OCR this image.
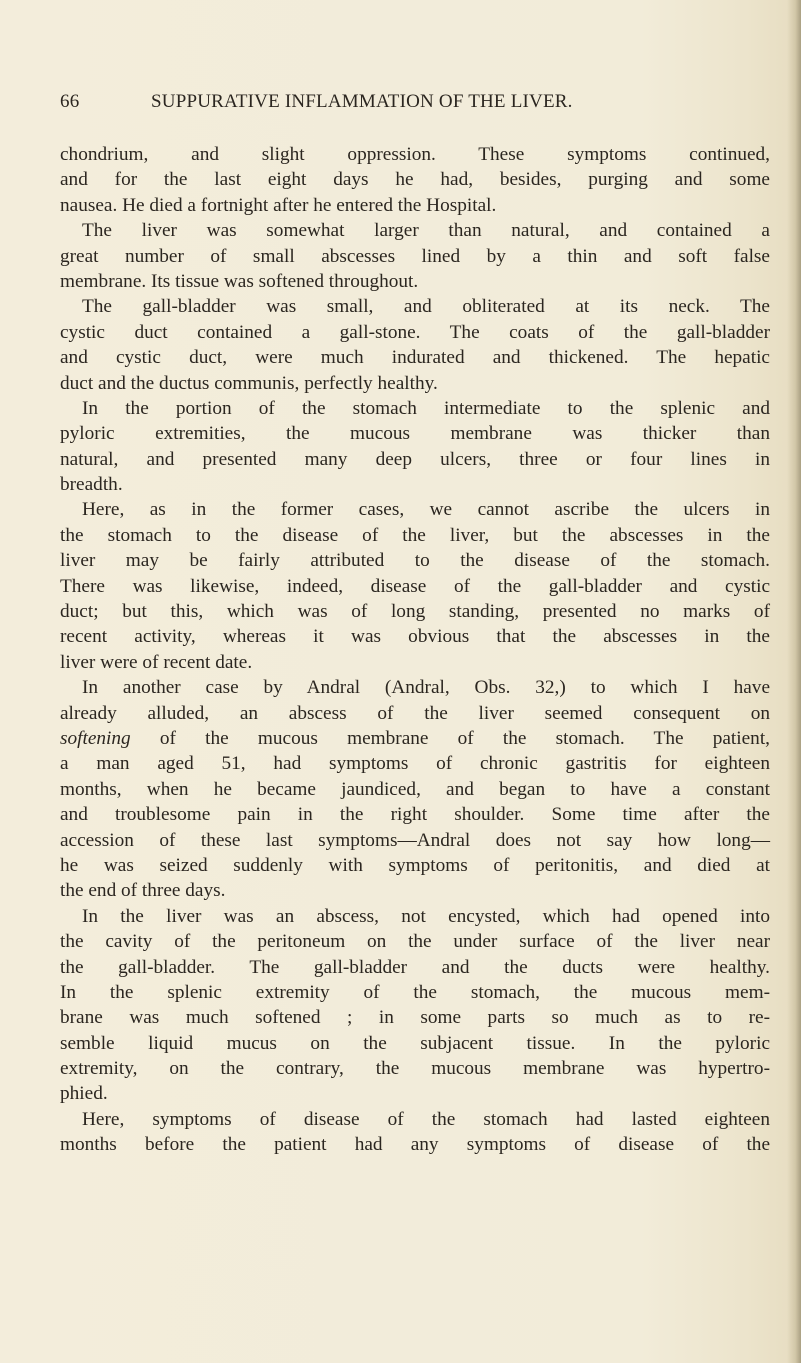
66	SUPPURATIVE INFLAMMATION OF THE LIVER.
chondrium, and slight oppression. These symptoms continued,
and for the last eight days he had, besides, purging and some
nausea. He died a fortnight after he entered the Hospital.
The liver was somewhat larger than natural, and contained a
great number of small abscesses lined by a thin and soft false
membrane. Its tissue was softened throughout.
The gall-bladder was small, and obliterated at its neck. The
cystic duct contained a gall-stone. The coats of the gall-bladder
and cystic duct, were much indurated and thickened. The hepatic
duct and the ductus communis, perfectly healthy.
In the portion of the stomach intermediate to the splenic and
pyloric extremities, the mucous membrane was thicker than
natural, and presented many deep ulcers, three or four lines in
breadth.
Here, as in the former cases, we cannot ascribe the ulcers in
the stomach to the disease of the liver, but the abscesses in the
liver may be fairly attributed to the disease of the stomach.
There was likewise, indeed, disease of the gall-bladder and cystic
duct; but this, which was of long standing, presented no marks of
recent activity, whereas it was obvious that the abscesses in the
liver were of recent date.
In another case by Andral (Andral, Obs. 32,) to which I have
already alluded, an abscess of the liver seemed consequent on
softening of the mucous membrane of the stomach. The patient,
a man aged 51, had symptoms of chronic gastritis for eighteen
months, when he became jaundiced, and began to have a constant
and troublesome pain in the right shoulder. Some time after the
accession of these last symptoms—Andral does not say how long—
he was seized suddenly with symptoms of peritonitis, and died at
the end of three days.
In the liver was an abscess, not encysted, which had opened into
the cavity of the peritoneum on the under surface of the liver near
the gall-bladder. The gall-bladder and the ducts were healthy.
In the splenic extremity of the stomach, the mucous mem-
brane was much softened ; in some parts so much as to re-
semble liquid mucus on the subjacent tissue. In the pyloric
extremity, on the contrary, the mucous membrane was hypertro-
phied.
Here, symptoms of disease of the stomach had lasted eighteen
months before the patient had any symptoms of disease of the
